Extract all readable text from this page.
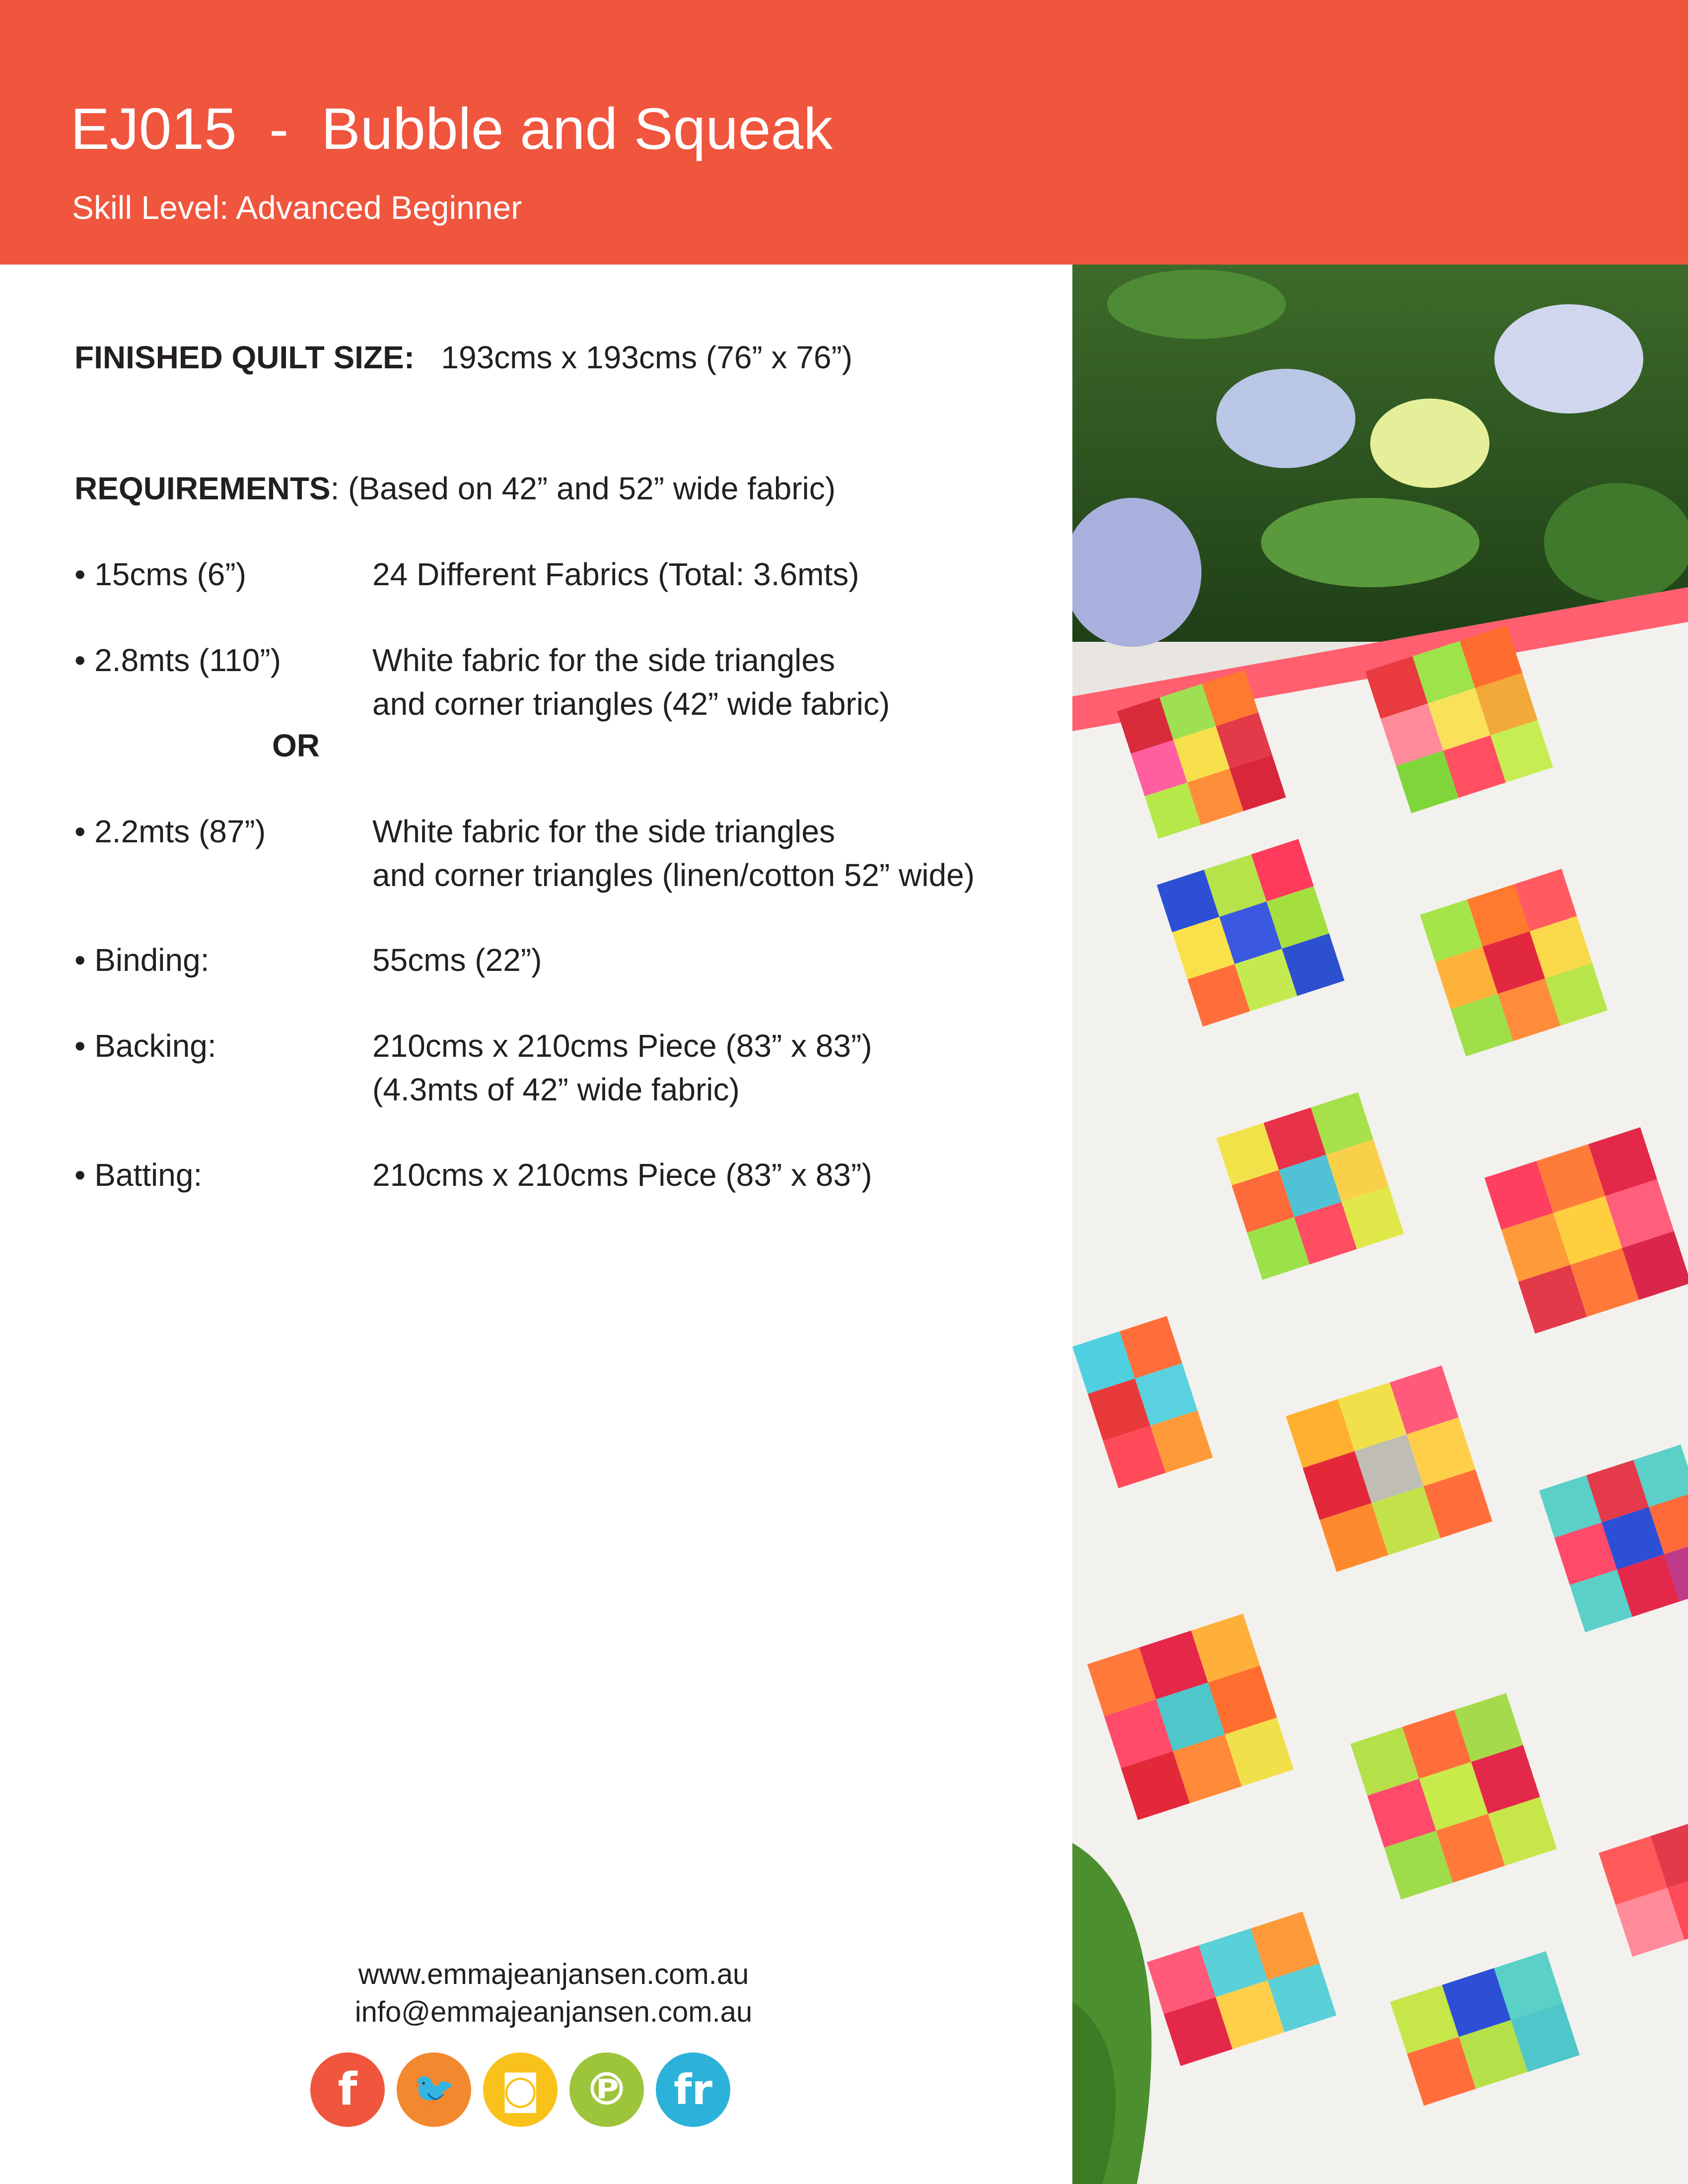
EJ015  -  Bubble and Squeak
Skill Level: Advanced Beginner
FINISHED QUILT SIZE: 193cms x 193cms (76” x 76”)
REQUIREMENTS: (Based on 42” and 52” wide fabric)
• 15cms (6”)	24 Different Fabrics (Total: 3.6mts)
• 2.8mts (110”)	White fabric for the side triangles
and corner triangles (42” wide fabric)
OR
• 2.2mts (87”)	White fabric for the side triangles
and corner triangles (linen/cotton 52” wide)
• Binding:	55cms (22”)
• Backing:	210cms x 210cms Piece (83” x 83”)
(4.3mts of 42” wide fabric)
• Batting:	210cms x 210cms Piece (83” x 83”)
www.emmajeanjansen.com.au
info@emmajeanjansen.com.au
f 🐦 ◙ ℗ fr
